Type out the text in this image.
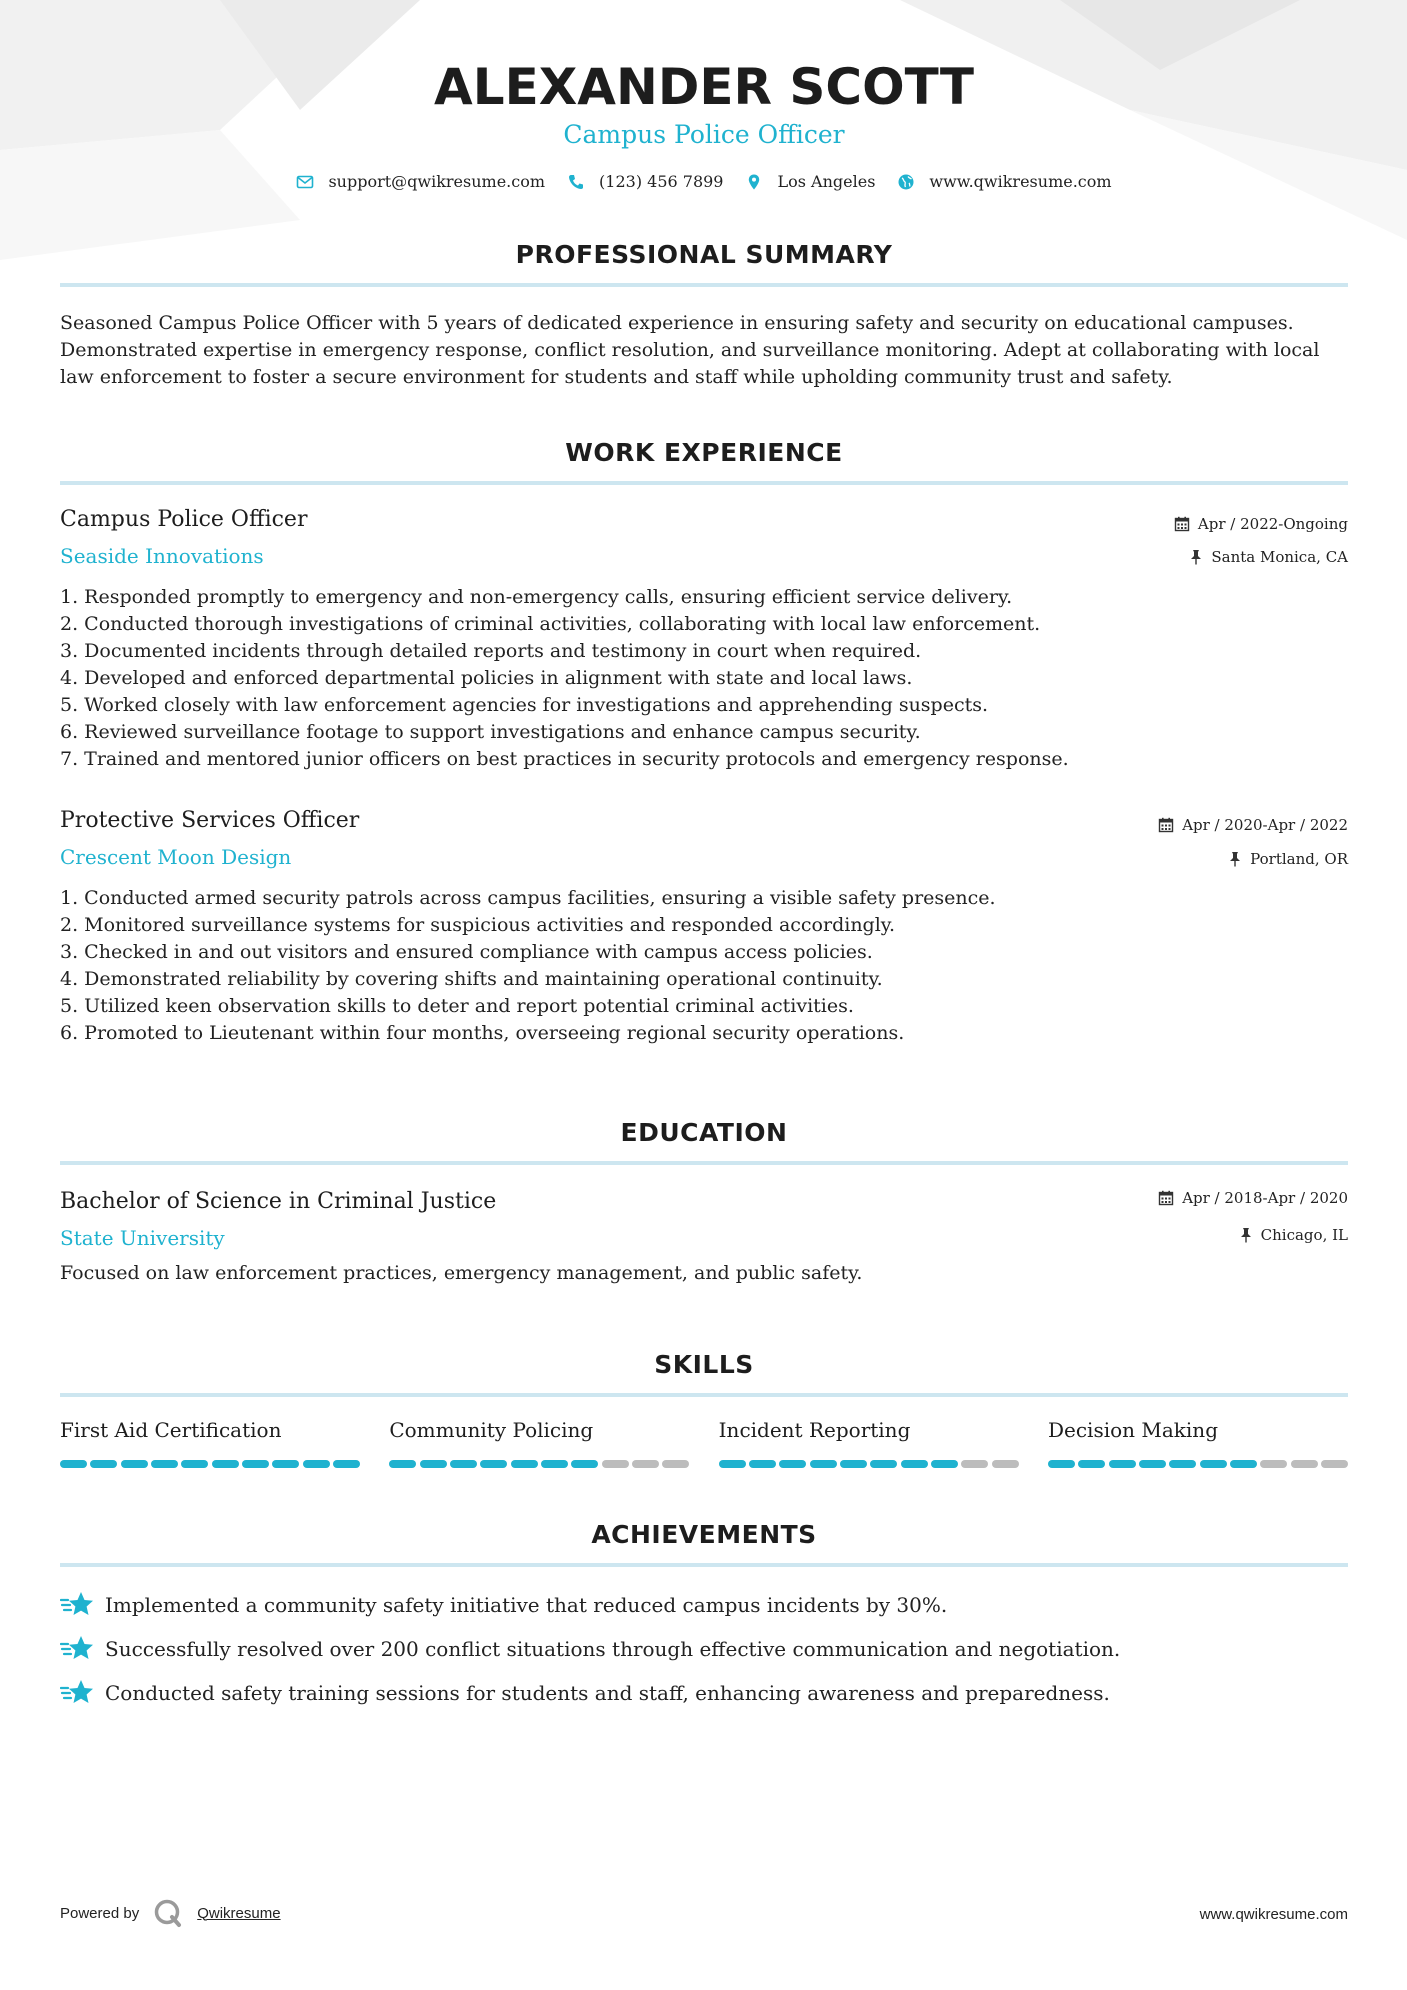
ALEXANDER SCOTT
Campus Police Officer
support@qwikresume.com	(123) 456 7899	Los Angeles	www.qwikresume.com
PROFESSIONAL SUMMARY
Seasoned Campus Police Officer with 5 years of dedicated experience in ensuring safety and security on educational campuses. Demonstrated expertise in emergency response, conflict resolution, and surveillance monitoring. Adept at collaborating with local law enforcement to foster a secure environment for students and staff while upholding community trust and safety.
WORK EXPERIENCE
Campus Police Officer
Seaside Innovations
Apr / 2022-Ongoing
Santa Monica, CA
1. Responded promptly to emergency and non-emergency calls, ensuring efficient service delivery.
2. Conducted thorough investigations of criminal activities, collaborating with local law enforcement.
3. Documented incidents through detailed reports and testimony in court when required.
4. Developed and enforced departmental policies in alignment with state and local laws.
5. Worked closely with law enforcement agencies for investigations and apprehending suspects.
6. Reviewed surveillance footage to support investigations and enhance campus security.
7. Trained and mentored junior officers on best practices in security protocols and emergency response.
Protective Services Officer
Crescent Moon Design
Apr / 2020-Apr / 2022
Portland, OR
1. Conducted armed security patrols across campus facilities, ensuring a visible safety presence.
2. Monitored surveillance systems for suspicious activities and responded accordingly.
3. Checked in and out visitors and ensured compliance with campus access policies.
4. Demonstrated reliability by covering shifts and maintaining operational continuity.
5. Utilized keen observation skills to deter and report potential criminal activities.
6. Promoted to Lieutenant within four months, overseeing regional security operations.
EDUCATION
Bachelor of Science in Criminal Justice
State University
Apr / 2018-Apr / 2020
Chicago, IL
Focused on law enforcement practices, emergency management, and public safety.
SKILLS
First Aid Certification	Community Policing	Incident Reporting	Decision Making
ACHIEVEMENTS
Implemented a community safety initiative that reduced campus incidents by 30%.
Successfully resolved over 200 conflict situations through effective communication and negotiation.
Conducted safety training sessions for students and staff, enhancing awareness and preparedness.
Powered by	Qwikresume	www.qwikresume.com
